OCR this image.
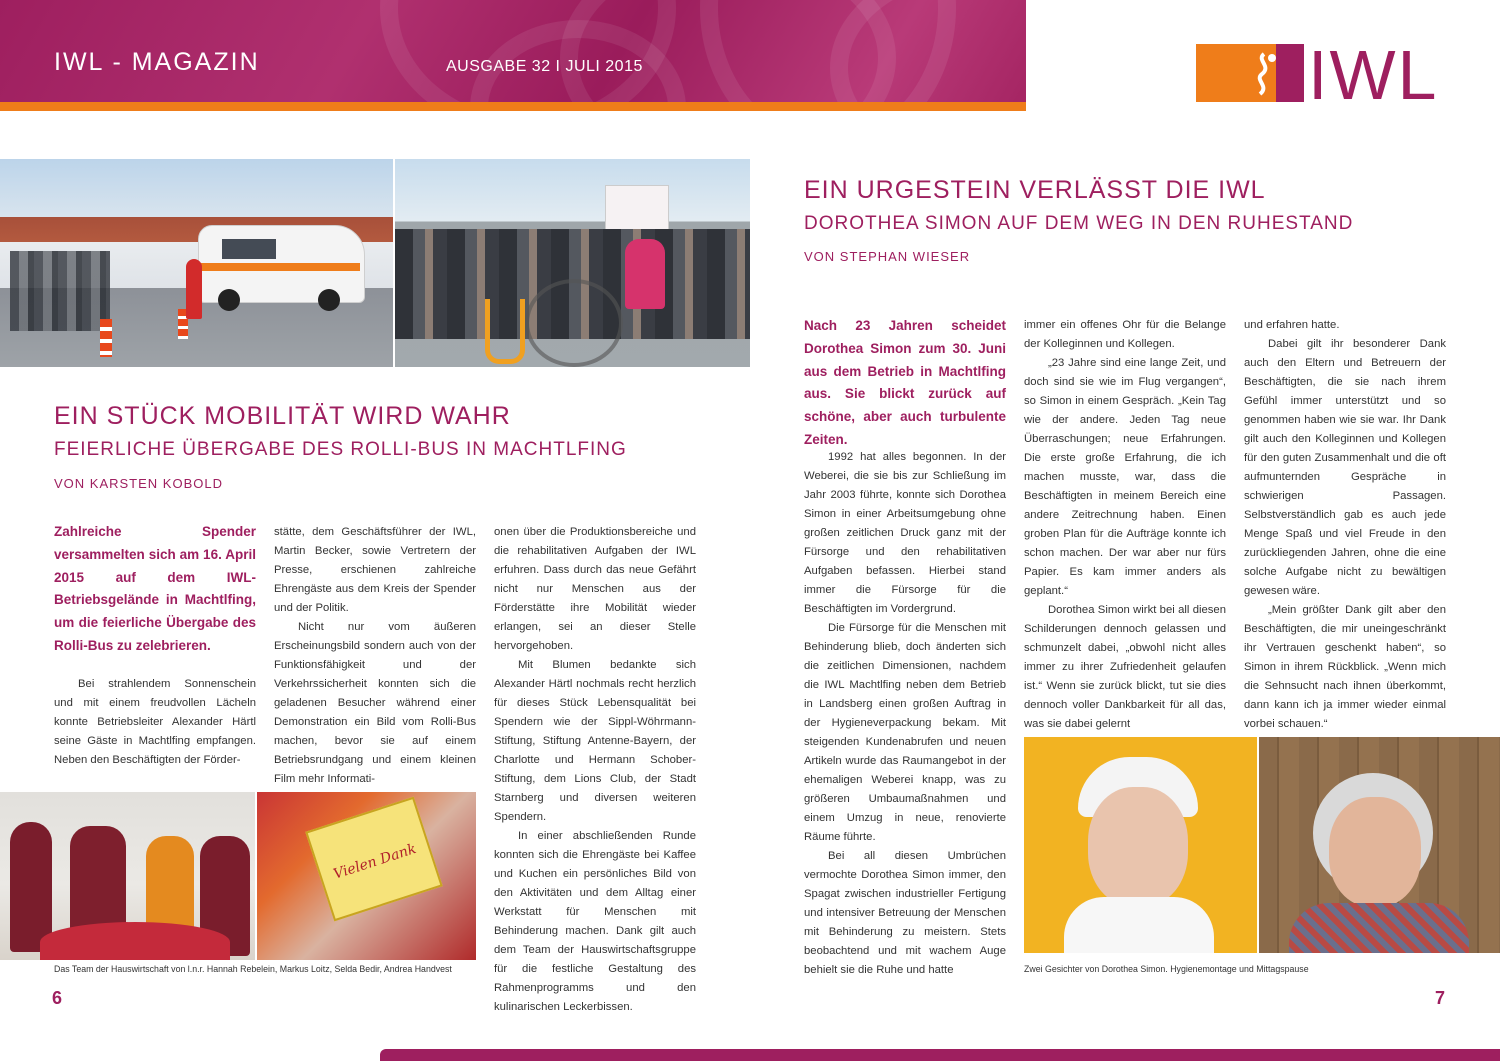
IWL - MAGAZIN	AUSGABE 32 I JULI 2015	IWL
EIN STÜCK MOBILITÄT WIRD WAHR
FEIERLICHE ÜBERGABE DES ROLLI-BUS IN MACHTLFING
VON KARSTEN KOBOLD
Zahlreiche Spender versammelten sich am 16. April 2015 auf dem IWL-Betriebsgelände in Machtlfing, um die feierliche Übergabe des Rolli-Bus zu zelebrieren.

Bei strahlendem Sonnenschein und mit einem freudvollen Lächeln konnte Betriebsleiter Alexander Härtl seine Gäste in Machtlfing empfangen. Neben den Beschäftigten der Förder-

stätte, dem Geschäftsführer der IWL, Martin Becker, sowie Vertretern der Presse, erschienen zahlreiche Ehrengäste aus dem Kreis der Spender und der Politik.

Nicht nur vom äußeren Erscheinungsbild sondern auch von der Funktionsfähigkeit und der Verkehrssicherheit konnten sich die geladenen Besucher während einer Demonstration ein Bild vom Rolli-Bus machen, bevor sie auf einem Betriebsrundgang und einem kleinen Film mehr Informati-

onen über die Produktionsbereiche und die rehabilitativen Aufgaben der IWL erfuhren. Dass durch das neue Gefährt nicht nur Menschen aus der Förderstätte ihre Mobilität wieder erlangen, sei an dieser Stelle hervorgehoben.

Mit Blumen bedankte sich Alexander Härtl nochmals recht herzlich für dieses Stück Lebensqualität bei Spendern wie der Sippl-Wöhrmann-Stiftung, Stiftung Antenne-Bayern, der Charlotte und Hermann Schober-Stiftung, dem Lions Club, der Stadt Starnberg und diversen weiteren Spendern.

In einer abschließenden Runde konnten sich die Ehrengäste bei Kaffee und Kuchen ein persönliches Bild von den Aktivitäten und dem Alltag einer Werkstatt für Menschen mit Behinderung machen. Dank gilt auch dem Team der Hauswirtschaftsgruppe für die festliche Gestaltung des Rahmenprogramms und den kulinarischen Leckerbissen.

Vielen Dank
Das Team der Hauswirtschaft von l.n.r. Hannah Rebelein, Markus Loitz, Selda Bedir, Andrea Handvest
6
EIN URGESTEIN VERLÄSST DIE IWL
DOROTHEA SIMON AUF DEM WEG IN DEN RUHESTAND
VON STEPHAN WIESER
Nach 23 Jahren scheidet Dorothea Simon zum 30. Juni aus dem Betrieb in Machtlfing aus. Sie blickt zurück auf schöne, aber auch turbulente Zeiten.

1992 hat alles begonnen. In der Weberei, die sie bis zur Schließung im Jahr 2003 führte, konnte sich Dorothea Simon in einer Arbeitsumgebung ohne großen zeitlichen Druck ganz mit der Fürsorge und den rehabilitativen Aufgaben befassen. Hierbei stand immer die Fürsorge für die Beschäftigten im Vordergrund.

Die Fürsorge für die Menschen mit Behinderung blieb, doch änderten sich die zeitlichen Dimensionen, nachdem die IWL Machtlfing neben dem Betrieb in Landsberg einen großen Auftrag in der Hygieneverpackung bekam. Mit steigenden Kundenabrufen und neuen Artikeln wurde das Raumangebot in der ehemaligen Weberei knapp, was zu größeren Umbaumaßnahmen und einem Umzug in neue, renovierte Räume führte.

Bei all diesen Umbrüchen vermochte Dorothea Simon immer, den Spagat zwischen industrieller Fertigung und intensiver Betreuung der Menschen mit Behinderung zu meistern. Stets beobachtend und mit wachem Auge behielt sie die Ruhe und hatte

immer ein offenes Ohr für die Belange der Kolleginnen und Kollegen.

„23 Jahre sind eine lange Zeit, und doch sind sie wie im Flug vergangen“, so Simon in einem Gespräch. „Kein Tag wie der andere. Jeden Tag neue Überraschungen; neue Erfahrungen. Die erste große Erfahrung, die ich machen musste, war, dass die Beschäftigten in meinem Bereich eine andere Zeitrechnung haben. Einen groben Plan für die Aufträge konnte ich schon machen. Der war aber nur fürs Papier. Es kam immer anders als geplant.“

Dorothea Simon wirkt bei all diesen Schilderungen dennoch gelassen und schmunzelt dabei, „obwohl nicht alles immer zu ihrer Zufriedenheit gelaufen ist.“ Wenn sie zurück blickt, tut sie dies dennoch voller Dankbarkeit für all das, was sie dabei gelernt

und erfahren hatte.

Dabei gilt ihr besonderer Dank auch den Eltern und Betreuern der Beschäftigten, die sie nach ihrem Gefühl immer unterstützt und so genommen haben wie sie war. Ihr Dank gilt auch den Kolleginnen und Kollegen für den guten Zusammenhalt und die oft aufmunternden Gespräche in schwierigen Passagen. Selbstverständlich gab es auch jede Menge Spaß und viel Freude in den zurückliegenden Jahren, ohne die eine solche Aufgabe nicht zu bewältigen gewesen wäre.

„Mein größter Dank gilt aber den Beschäftigten, die mir uneingeschränkt ihr Vertrauen geschenkt haben“, so Simon in ihrem Rückblick. „Wenn mich die Sehnsucht nach ihnen überkommt, dann kann ich ja immer wieder einmal vorbei schauen.“

Zwei Gesichter von Dorothea Simon. Hygienemontage und Mittagspause
7
